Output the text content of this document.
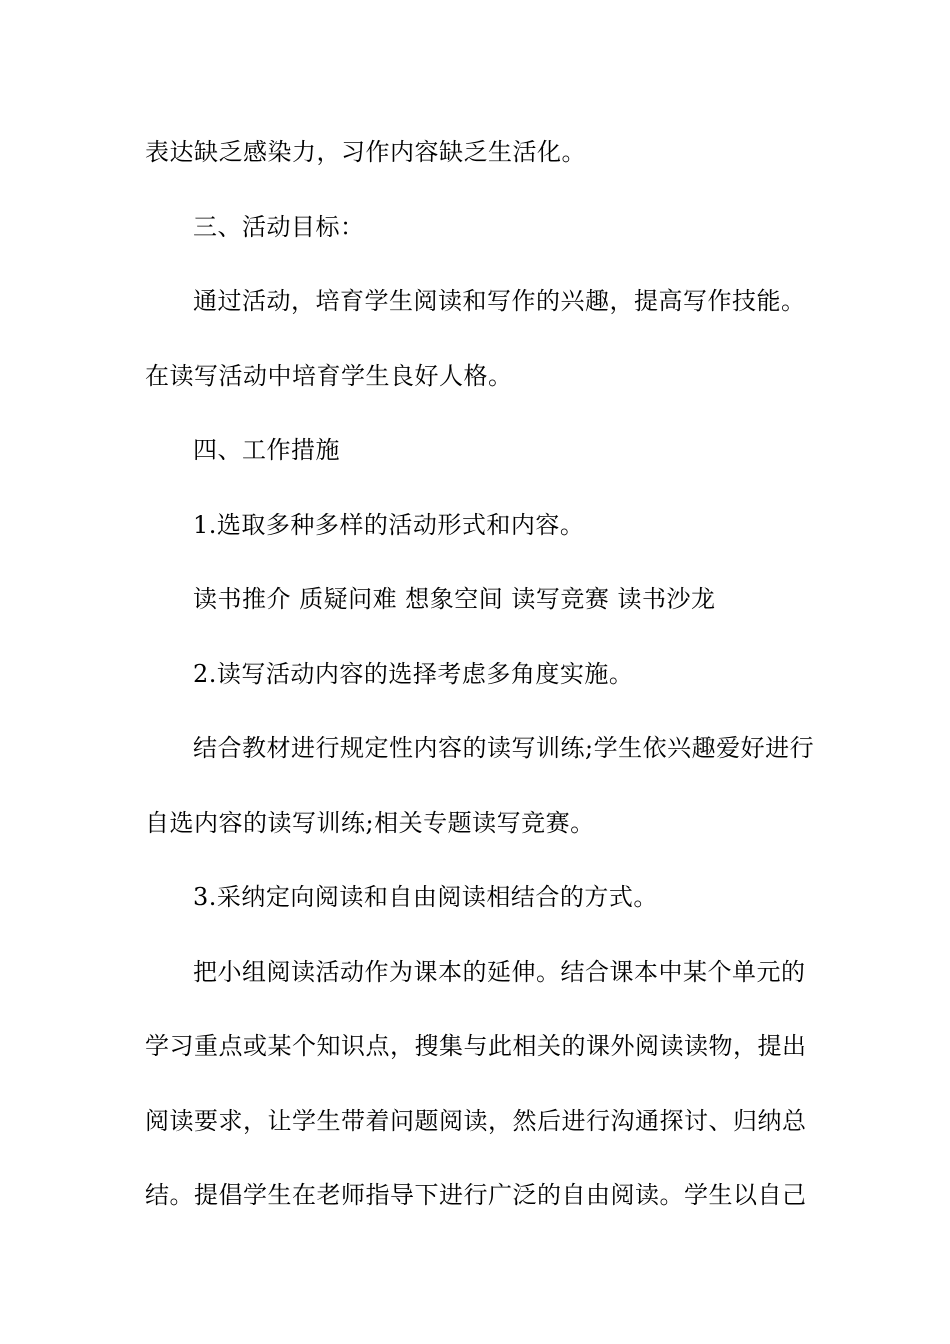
表达缺乏感染力，习作内容缺乏生活化。
三、活动目标：
通过活动，培育学生阅读和写作的兴趣，提高写作技能。
在读写活动中培育学生良好人格。
四、工作措施
1.选取多种多样的活动形式和内容。
读书推介 质疑问难 想象空间 读写竞赛 读书沙龙
2.读写活动内容的选择考虑多角度实施。
结合教材进行规定性内容的读写训练;学生依兴趣爱好进行
自选内容的读写训练;相关专题读写竞赛。
3.采纳定向阅读和自由阅读相结合的方式。
把小组阅读活动作为课本的延伸。结合课本中某个单元的
学习重点或某个知识点，搜集与此相关的课外阅读读物，提出
阅读要求，让学生带着问题阅读，然后进行沟通探讨、归纳总
结。提倡学生在老师指导下进行广泛的自由阅读。学生以自己
